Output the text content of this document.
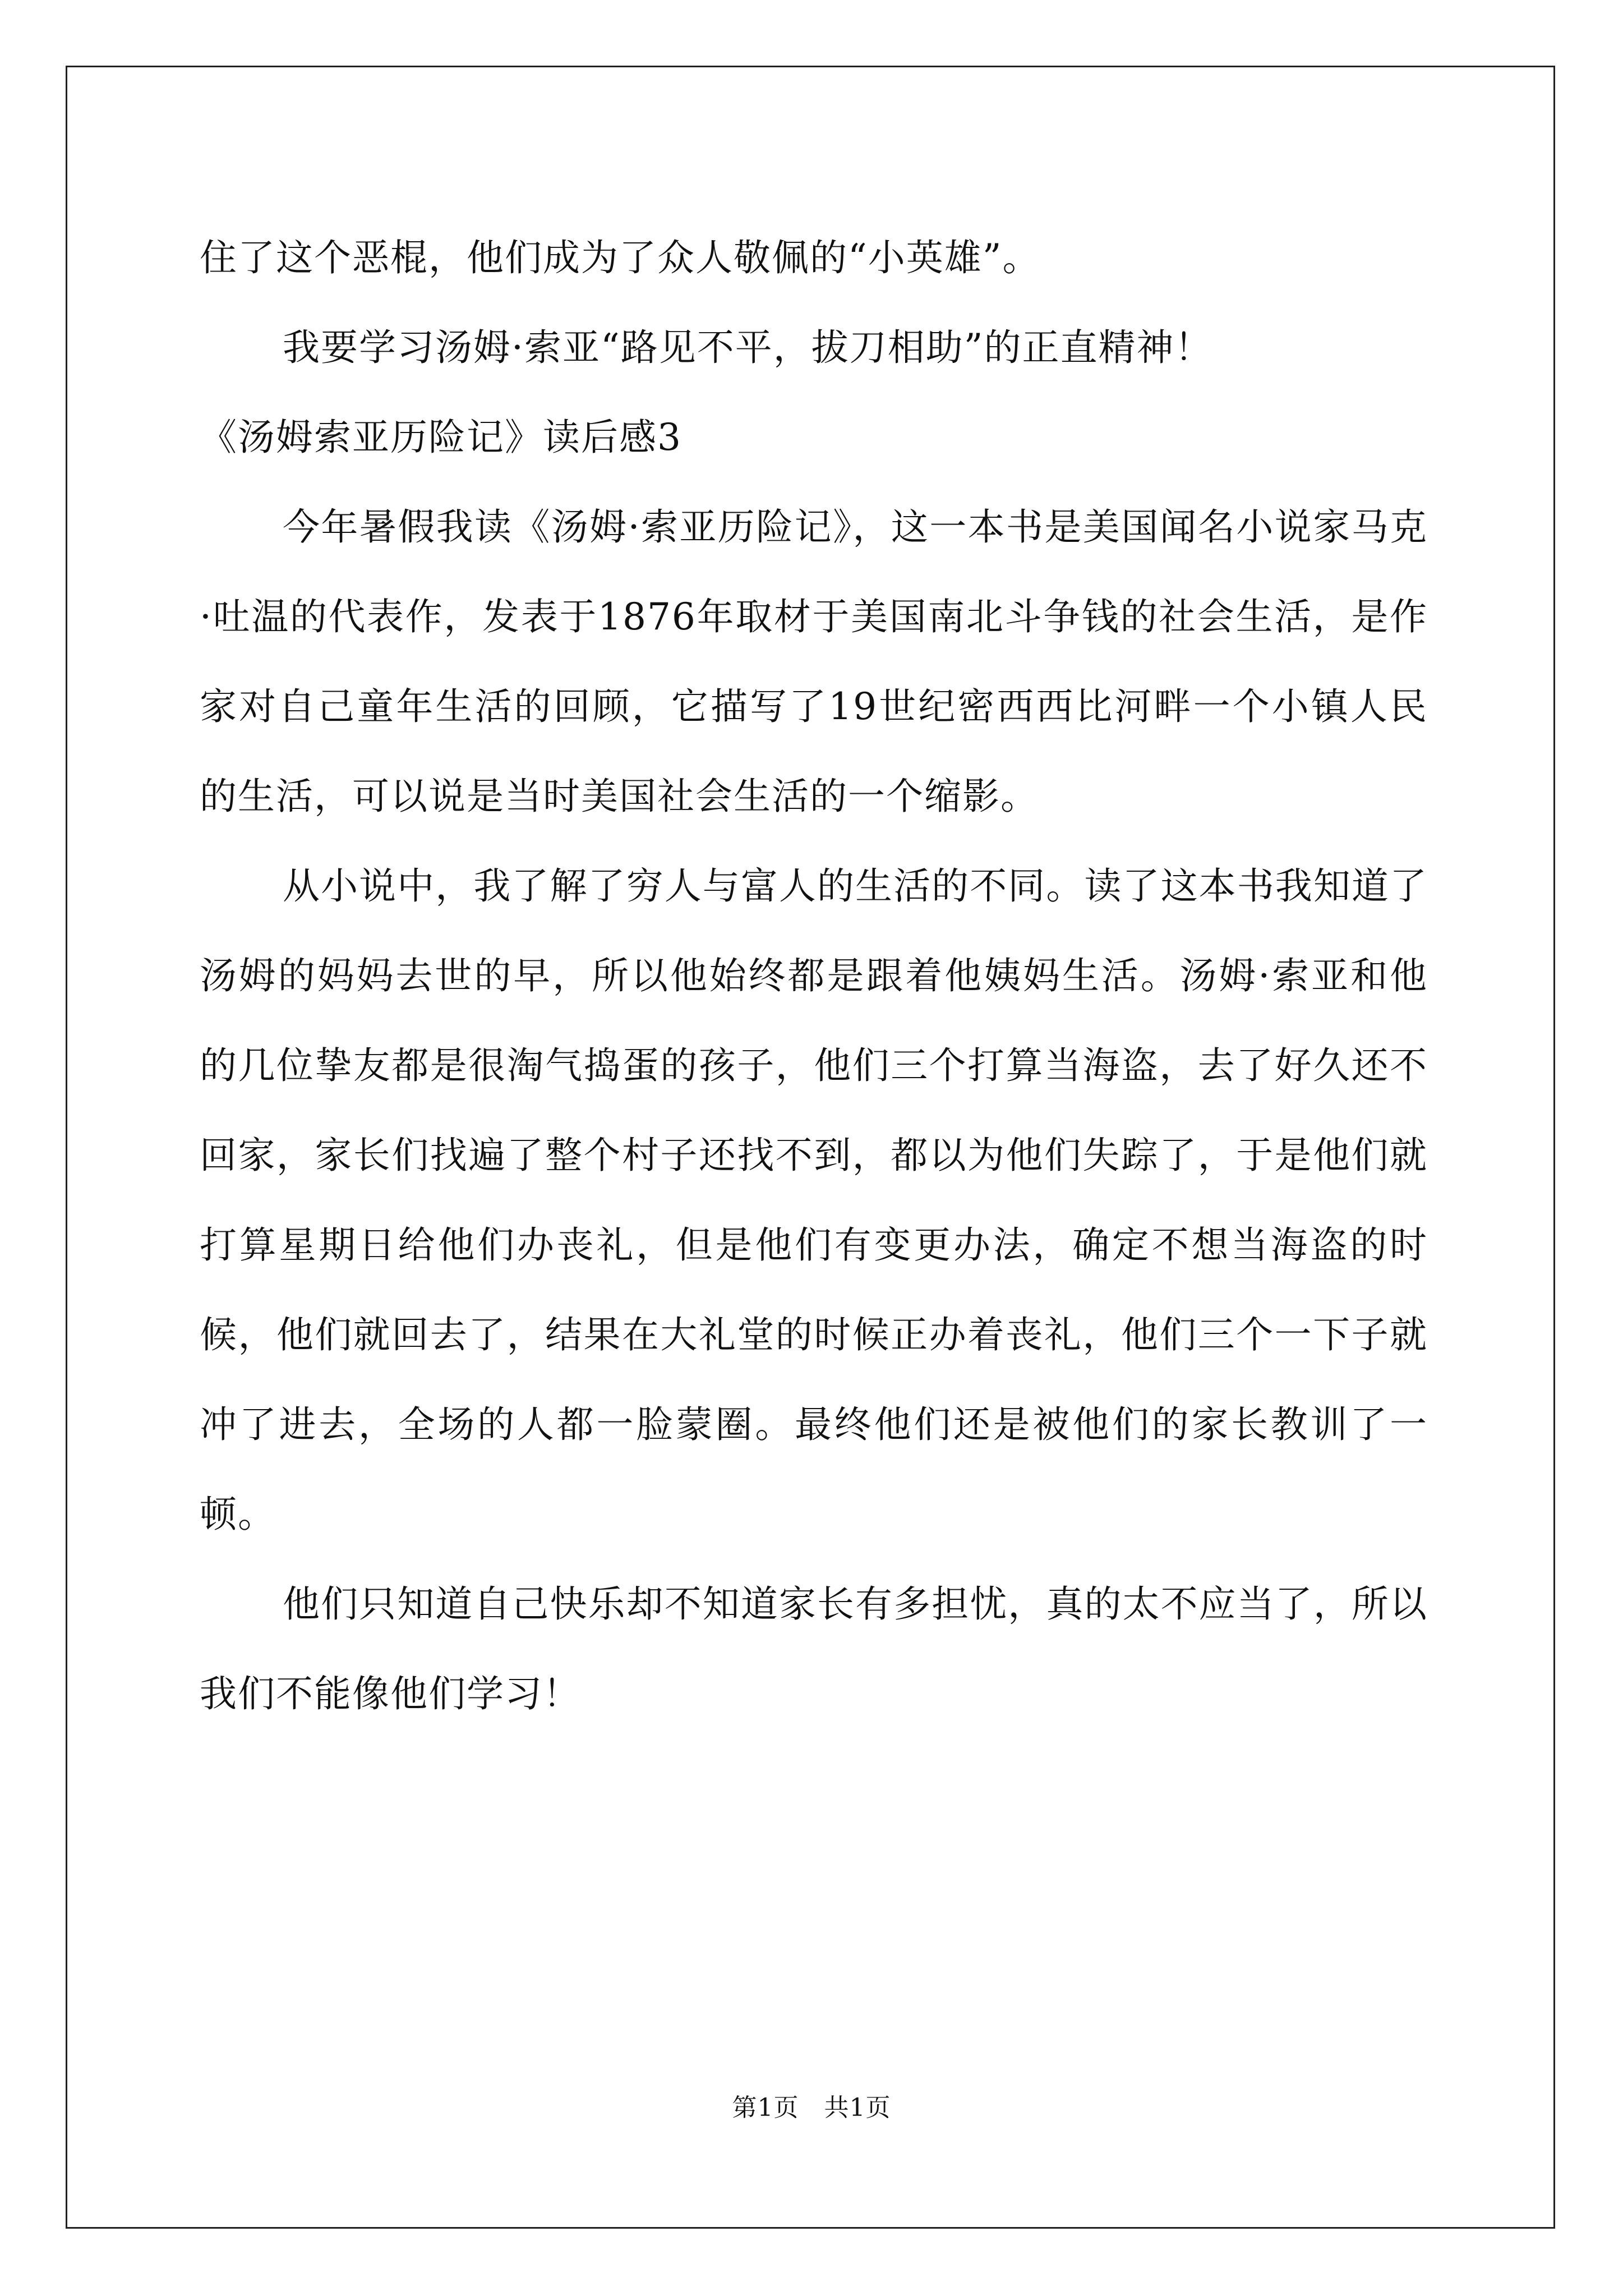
住了这个恶棍，他们成为了众人敬佩的“小英雄”。

我要学习汤姆·索亚“路见不平，拔刀相助”的正直精神！

《汤姆索亚历险记》读后感3

今年暑假我读《汤姆·索亚历险记》，这一本书是美国闻名小说家马克·吐温的代表作，发表于1876年取材于美国南北斗争钱的社会生活，是作家对自己童年生活的回顾，它描写了19世纪密西西比河畔一个小镇人民的生活，可以说是当时美国社会生活的一个缩影。

从小说中，我了解了穷人与富人的生活的不同。读了这本书我知道了汤姆的妈妈去世的早，所以他始终都是跟着他姨妈生活。汤姆·索亚和他的几位挚友都是很淘气捣蛋的孩子，他们三个打算当海盗，去了好久还不回家，家长们找遍了整个村子还找不到，都以为他们失踪了，于是他们就打算星期日给他们办丧礼，但是他们有变更办法，确定不想当海盗的时候，他们就回去了，结果在大礼堂的时候正办着丧礼，他们三个一下子就冲了进去，全场的人都一脸蒙圈。最终他们还是被他们的家长教训了一顿。

他们只知道自己快乐却不知道家长有多担忧，真的太不应当了，所以我们不能像他们学习！

第1页　共1页
